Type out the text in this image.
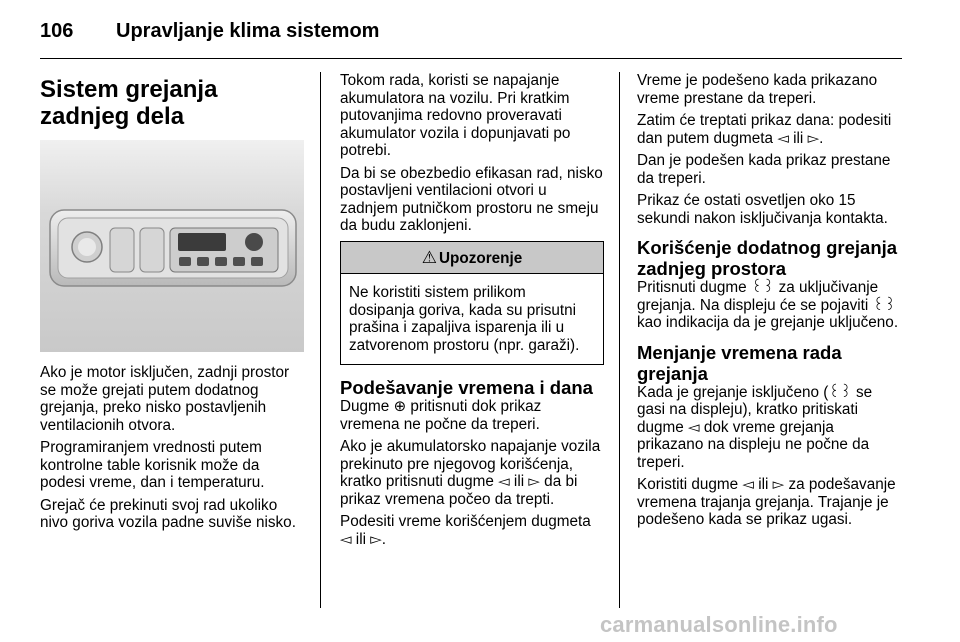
106 Upravljanje klima sistemom
Sistem grejanja zadnjeg dela

Ako je motor isključen, zadnji prostor se može grejati putem dodatnog grejanja, preko nisko postavljenih ventilacionih otvora.

Programiranjem vrednosti putem kontrolne table korisnik može da podesi vreme, dan i temperaturu.

Grejač će prekinuti svoj rad ukoliko nivo goriva vozila padne suviše nisko.

Tokom rada, koristi se napajanje akumulatora na vozilu. Pri kratkim putovanjima redovno proveravati akumulator vozila i dopunjavati po potrebi.

Da bi se obezbedio efikasan rad, nisko postavljeni ventilacioni otvori u zadnjem putničkom prostoru ne smeju da budu zaklonjeni.

⚠ Upozorenje
Ne koristiti sistem prilikom dosipanja goriva, kada su prisutni prašina i zapaljiva isparenja ili u zatvorenom prostoru (npr. garaži).
Podešavanje vremena i dana

Dugme ⊕ pritisnuti dok prikaz vremena ne počne da treperi.

Ako je akumulatorsko napajanje vozila prekinuto pre njegovog korišćenja, kratko pritisnuti dugme ◅ ili ▻ da bi prikaz vremena počeo da trepti.

Podesiti vreme korišćenjem dugmeta ◅ ili ▻.

Vreme je podešeno kada prikazano vreme prestane da treperi.

Zatim će treptati prikaz dana: podesiti dan putem dugmeta ◅ ili ▻.

Dan je podešen kada prikaz prestane da treperi.

Prikaz će ostati osvetljen oko 15 sekundi nakon isključivanja kontakta.

Korišćenje dodatnog grejanja zadnjeg prostora

Pritisnuti dugme ꒰꒱ za uključivanje grejanja. Na displeju će se pojaviti ꒰꒱ kao indikacija da je grejanje uključeno.

Menjanje vremena rada grejanja

Kada je grejanje isključeno (꒰꒱ se gasi na displeju), kratko pritiskati dugme ◅ dok vreme grejanja prikazano na displeju ne počne da treperi.

Koristiti dugme ◅ ili ▻ za podešavanje vremena trajanja grejanja. Trajanje je podešeno kada se prikaz ugasi.

carmanualsonline.info
